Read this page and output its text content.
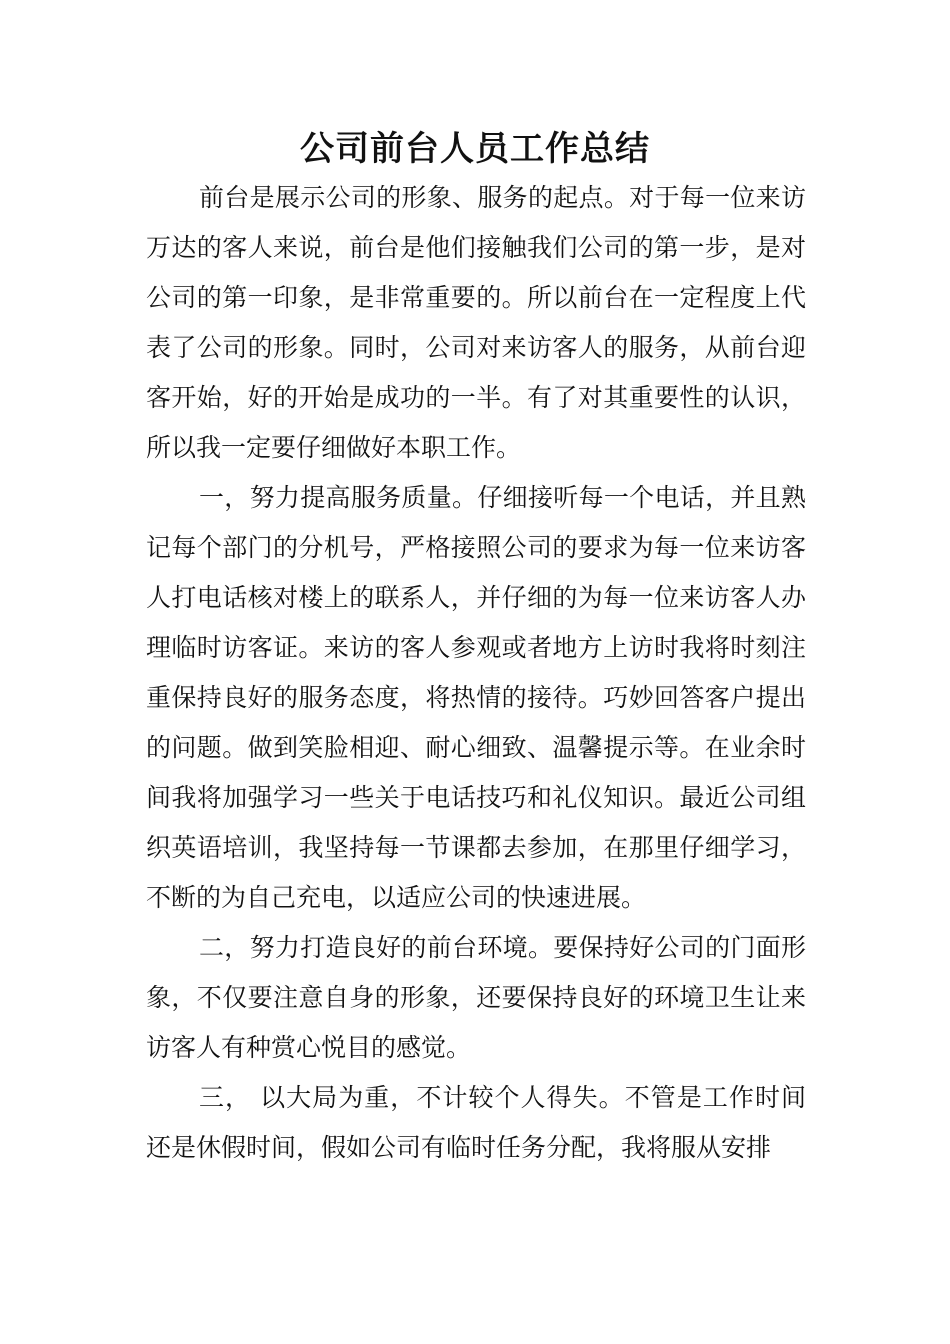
公司前台人员工作总结

前台是展示公司的形象、服务的起点。对于每一位来访万达的客人来说，前台是他们接触我们公司的第一步，是对公司的第一印象，是非常重要的。所以前台在一定程度上代表了公司的形象。同时，公司对来访客人的服务，从前台迎客开始，好的开始是成功的一半。有了对其重要性的认识，所以我一定要仔细做好本职工作。

一，努力提高服务质量。仔细接听每一个电话，并且熟记每个部门的分机号，严格接照公司的要求为每一位来访客人打电话核对楼上的联系人，并仔细的为每一位来访客人办理临时访客证。来访的客人参观或者地方上访时我将时刻注重保持良好的服务态度，将热情的接待。巧妙回答客户提出的问题。做到笑脸相迎、耐心细致、温馨提示等。在业余时间我将加强学习一些关于电话技巧和礼仪知识。最近公司组织英语培训，我坚持每一节课都去参加，在那里仔细学习，不断的为自己充电，以适应公司的快速进展。

二，努力打造良好的前台环境。要保持好公司的门面形象，不仅要注意自身的形象，还要保持良好的环境卫生让来访客人有种赏心悦目的感觉。

三， 以大局为重，不计较个人得失。不管是工作时间还是休假时间，假如公司有临时任务分配，我将服从安排
